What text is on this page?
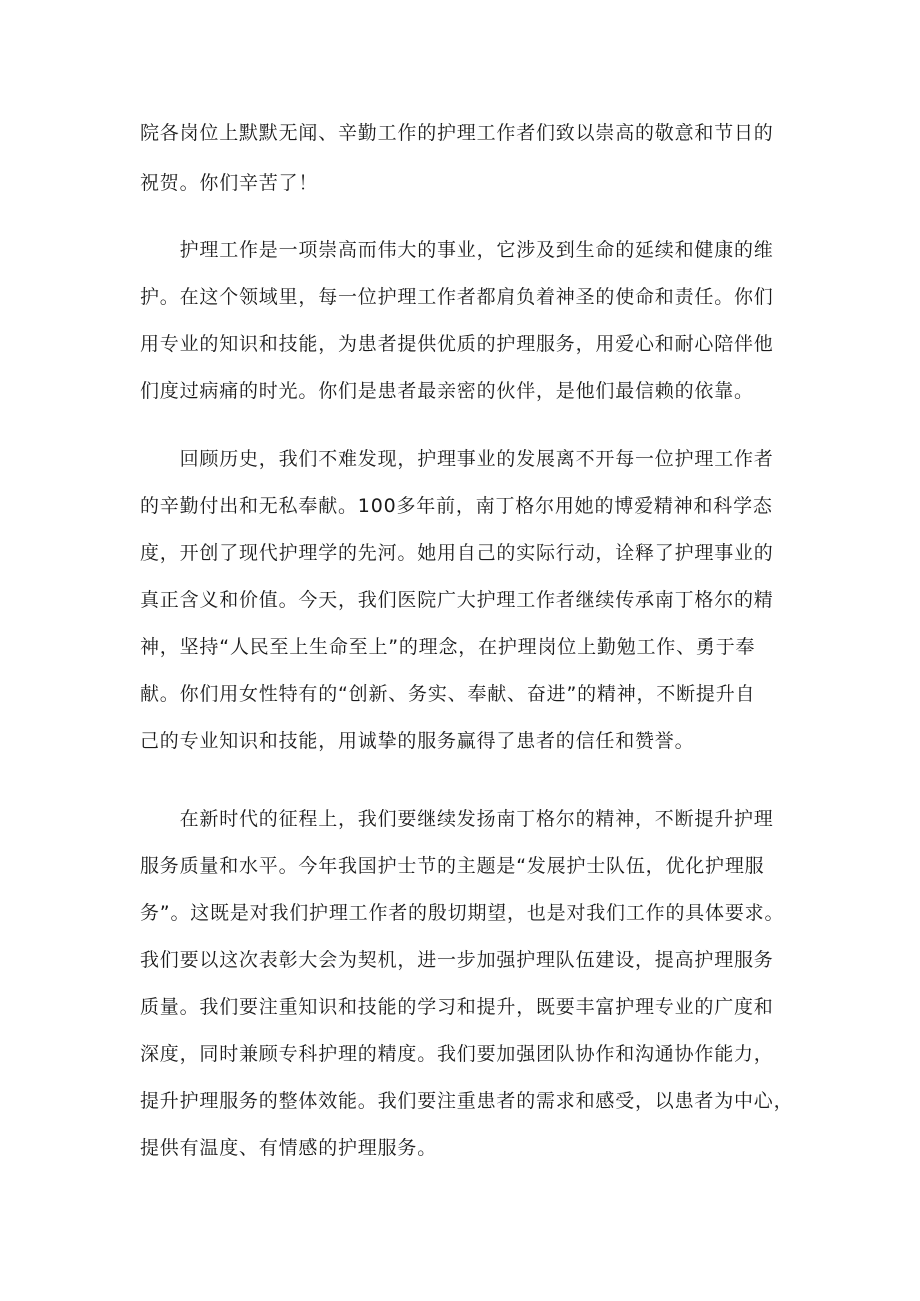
院各岗位上默默无闻、辛勤工作的护理工作者们致以崇高的敬意和节日的

祝贺。你们辛苦了！

　　护理工作是一项崇高而伟大的事业，它涉及到生命的延续和健康的维

护。在这个领域里，每一位护理工作者都肩负着神圣的使命和责任。你们

用专业的知识和技能，为患者提供优质的护理服务，用爱心和耐心陪伴他

们度过病痛的时光。你们是患者最亲密的伙伴，是他们最信赖的依靠。

　　回顾历史，我们不难发现，护理事业的发展离不开每一位护理工作者

的辛勤付出和无私奉献。100多年前，南丁格尔用她的博爱精神和科学态

度，开创了现代护理学的先河。她用自己的实际行动，诠释了护理事业的

真正含义和价值。今天，我们医院广大护理工作者继续传承南丁格尔的精

神，坚持“人民至上生命至上”的理念，在护理岗位上勤勉工作、勇于奉

献。你们用女性特有的“创新、务实、奉献、奋进”的精神，不断提升自

己的专业知识和技能，用诚挚的服务赢得了患者的信任和赞誉。

　　在新时代的征程上，我们要继续发扬南丁格尔的精神，不断提升护理

服务质量和水平。今年我国护士节的主题是“发展护士队伍，优化护理服

务”。这既是对我们护理工作者的殷切期望，也是对我们工作的具体要求。

我们要以这次表彰大会为契机，进一步加强护理队伍建设，提高护理服务

质量。我们要注重知识和技能的学习和提升，既要丰富护理专业的广度和

深度，同时兼顾专科护理的精度。我们要加强团队协作和沟通协作能力，

提升护理服务的整体效能。我们要注重患者的需求和感受，以患者为中心，

提供有温度、有情感的护理服务。
